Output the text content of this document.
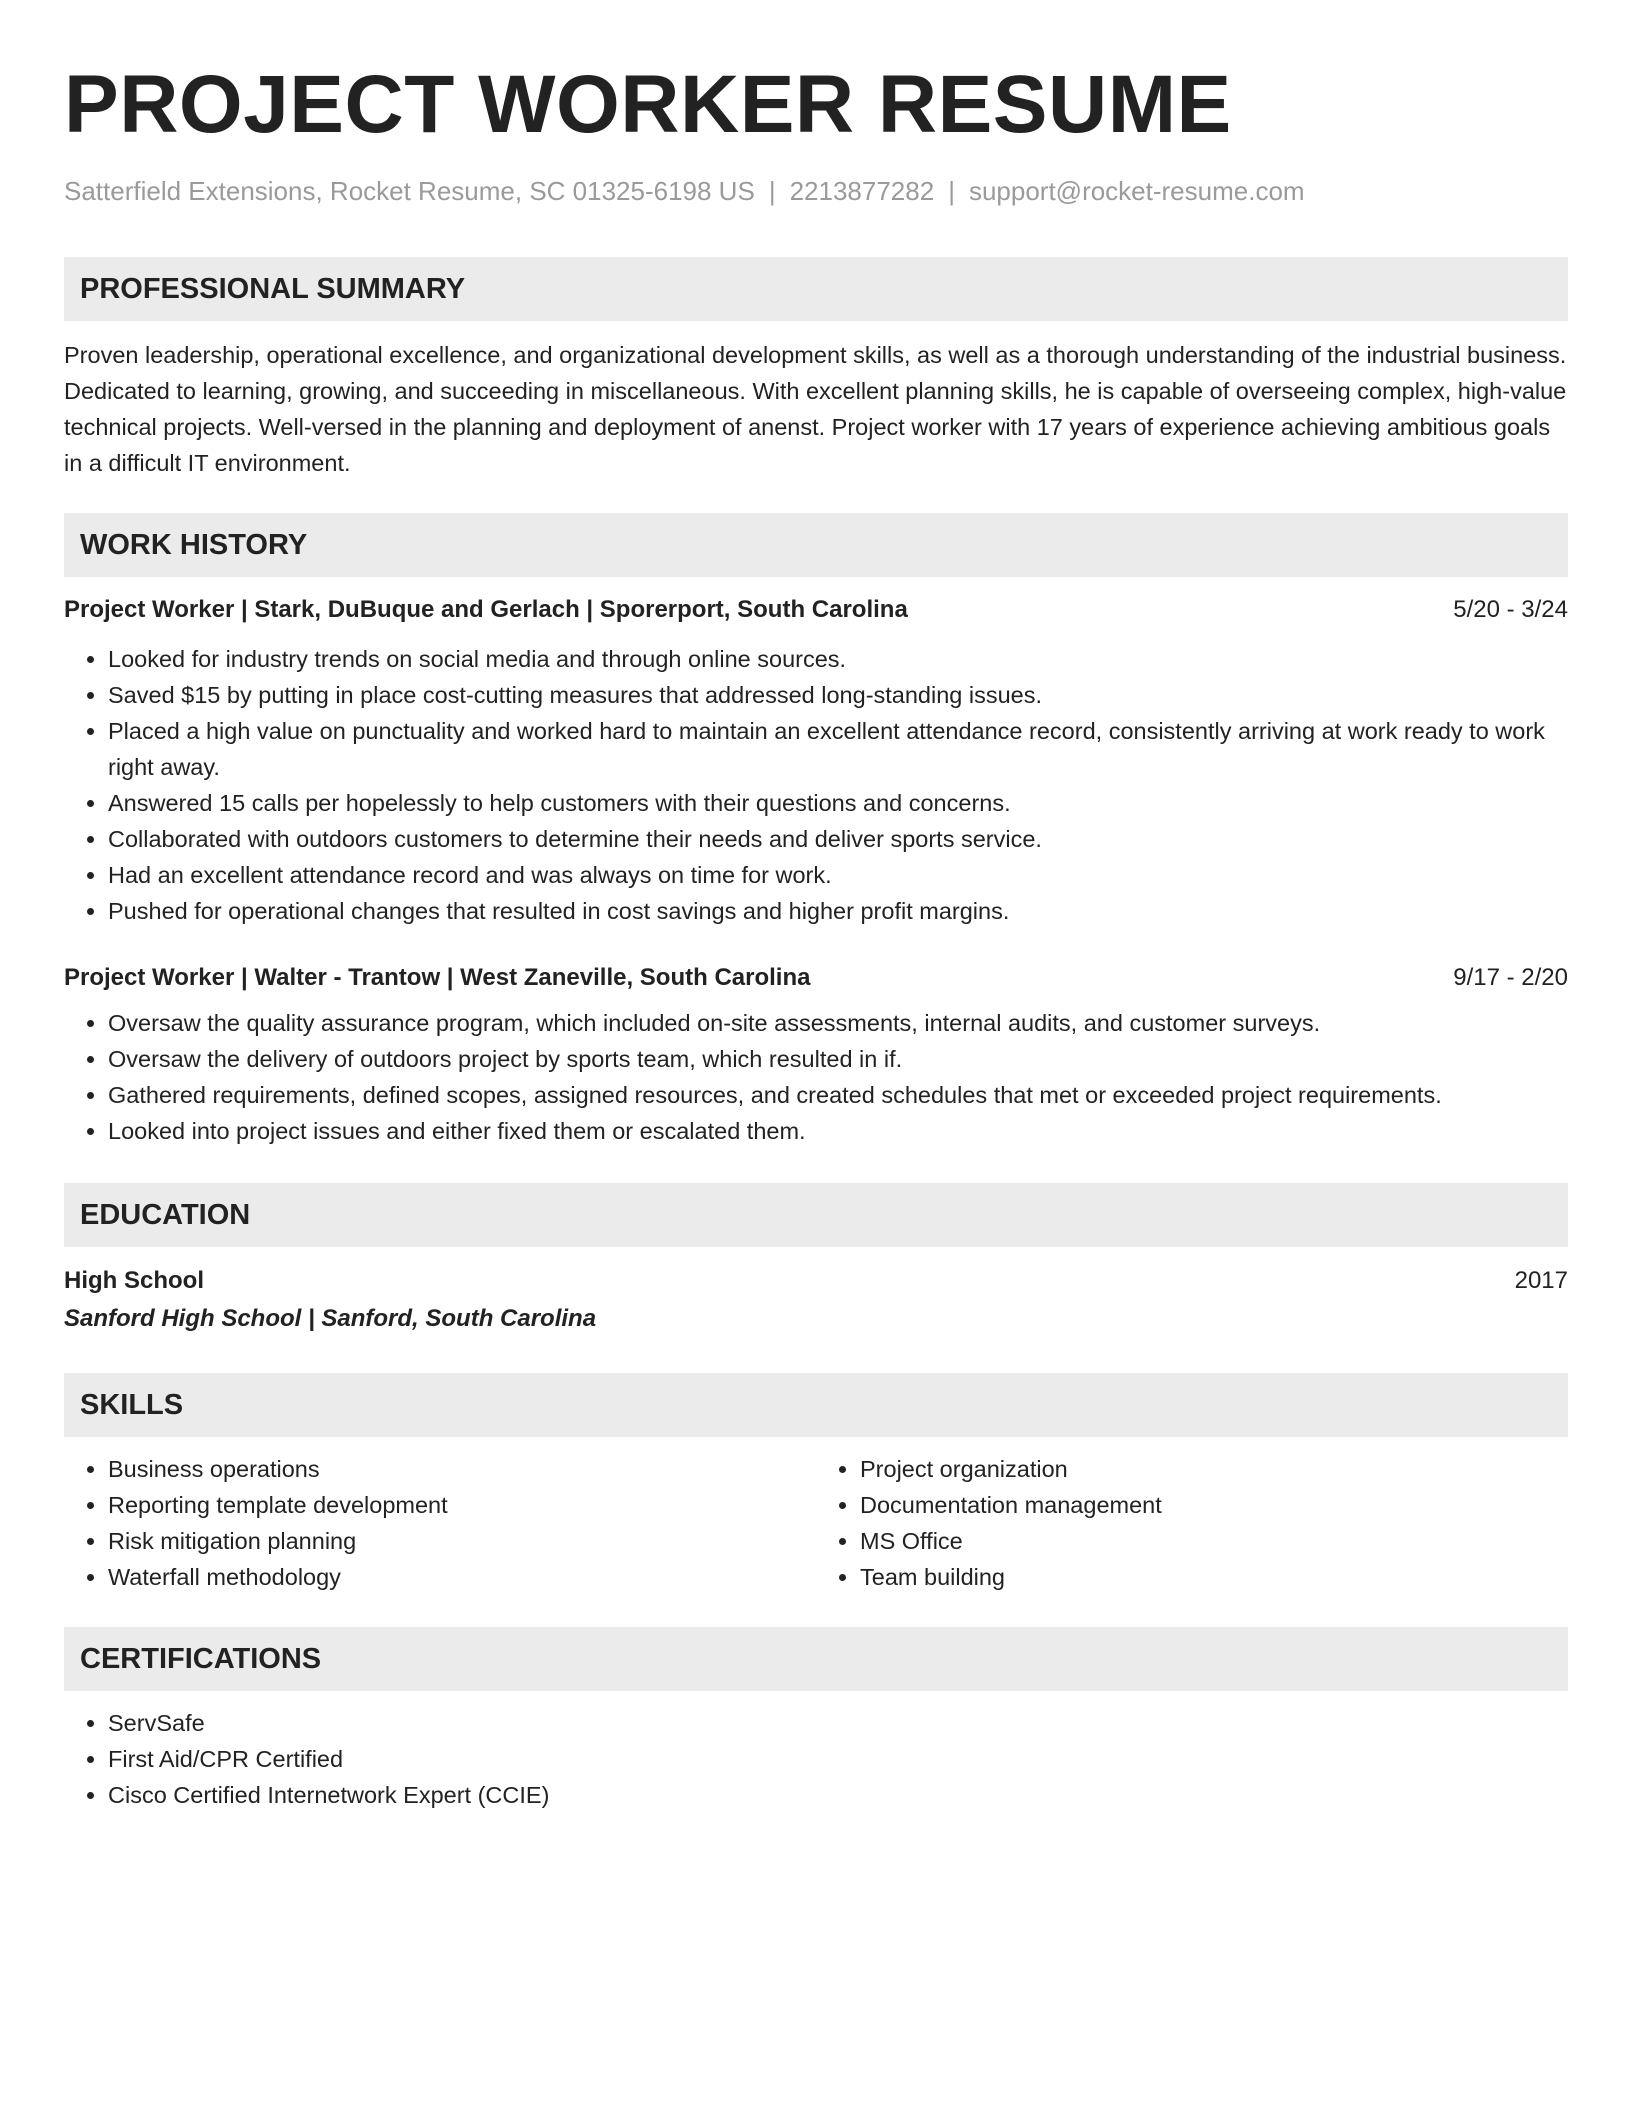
PROJECT WORKER RESUME
Satterfield Extensions, Rocket Resume, SC 01325-6198 US | 2213877282 | support@rocket-resume.com
PROFESSIONAL SUMMARY
Proven leadership, operational excellence, and organizational development skills, as well as a thorough understanding of the industrial business. Dedicated to learning, growing, and succeeding in miscellaneous. With excellent planning skills, he is capable of overseeing complex, high-value technical projects. Well-versed in the planning and deployment of anenst. Project worker with 17 years of experience achieving ambitious goals in a difficult IT environment.
WORK HISTORY
Project Worker | Stark, DuBuque and Gerlach | Sporerport, South Carolina	5/20 - 3/24
• Looked for industry trends on social media and through online sources.
• Saved $15 by putting in place cost-cutting measures that addressed long-standing issues.
• Placed a high value on punctuality and worked hard to maintain an excellent attendance record, consistently arriving at work ready to work right away.
• Answered 15 calls per hopelessly to help customers with their questions and concerns.
• Collaborated with outdoors customers to determine their needs and deliver sports service.
• Had an excellent attendance record and was always on time for work.
• Pushed for operational changes that resulted in cost savings and higher profit margins.
Project Worker | Walter - Trantow | West Zaneville, South Carolina	9/17 - 2/20
• Oversaw the quality assurance program, which included on-site assessments, internal audits, and customer surveys.
• Oversaw the delivery of outdoors project by sports team, which resulted in if.
• Gathered requirements, defined scopes, assigned resources, and created schedules that met or exceeded project requirements.
• Looked into project issues and either fixed them or escalated them.
EDUCATION
High School	2017
Sanford High School | Sanford, South Carolina
SKILLS
• Business operations
• Reporting template development
• Risk mitigation planning
• Waterfall methodology
• Project organization
• Documentation management
• MS Office
• Team building
CERTIFICATIONS
• ServSafe
• First Aid/CPR Certified
• Cisco Certified Internetwork Expert (CCIE)
